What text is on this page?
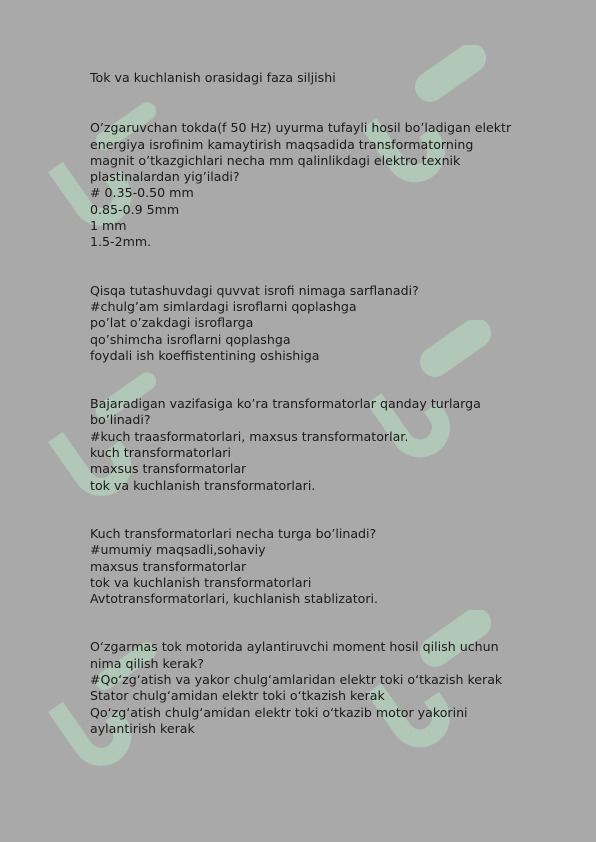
Tok va kuchlanish orasidagi faza siljishi

O’zgaruvchan tokda(f 50 Hz) uyurma tufayli hosil bo’ladigan elektr energiya isrofinim kamaytirish maqsadida transformatorning magnit o’tkazgichlari necha mm qalinlikdagi elektro texnik plastinalardan yig’iladi?

# 0.35-0.50 mm

0.85-0.9 5mm

1 mm

1.5-2mm.

Qisqa tutashuvdagi quvvat isrofi nimaga sarflanadi?

#chulg’am simlardagi isroflarni qoplashga

po’lat o’zakdagi isroflarga

qo’shimcha isroflarni qoplashga

foydali ish koeffistentining oshishiga

Bajaradigan vazifasiga ko’ra transformatorlar qanday turlarga bo’linadi?

#kuch traasformatorlari, maxsus transformatorlar.

kuch transformatorlari

maxsus transformatorlar

tok va kuchlanish transformatorlari.

Kuch transformatorlari necha turga bo’linadi?

#umumiy maqsadli,sohaviy

maxsus transformatorlar

tok va kuchlanish transformatorlari

Avtotransformatorlari, kuchlanish stablizatori.

O‘zgarmas tok motorida aylantiruvchi moment hosil qilish uchun nima qilish kerak?

#Qo‘zg‘atish va yakor chulg‘amlaridan elektr toki o‘tkazish kerak

Stator chulg‘amidan elektr toki o‘tkazish kerak

Qo‘zg‘atish chulg‘amidan elektr toki o‘tkazib motor yakorini aylantirish kerak
